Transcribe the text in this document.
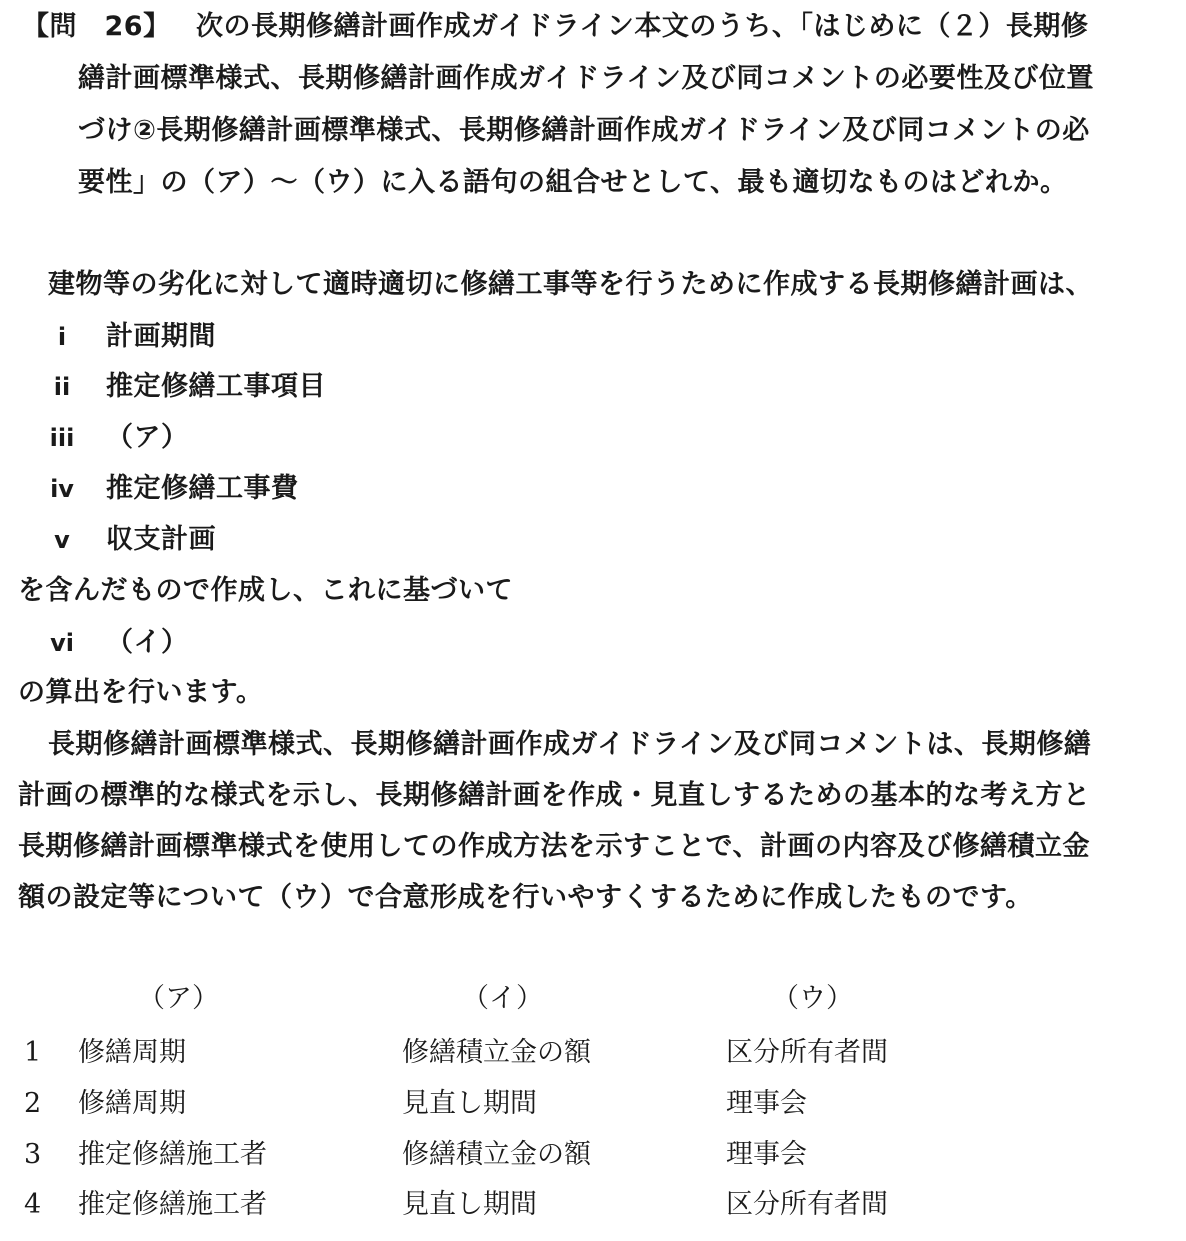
【問　26】 次の長期修繕計画作成ガイドライン本文のうち、「はじめに（２）長期修
繕計画標準様式、長期修繕計画作成ガイドライン及び同コメントの必要性及び位置
づけ②長期修繕計画標準様式、長期修繕計画作成ガイドライン及び同コメントの必
要性」の（ア）～（ウ）に入る語句の組合せとして、最も適切なものはどれか。
建物等の劣化に対して適時適切に修繕工事等を行うために作成する長期修繕計画は、
i	計画期間
ii	推定修繕工事項目
iii	（ア）
iv	推定修繕工事費
v	収支計画
を含んだもので作成し、これに基づいて
vi	（イ）
の算出を行います。
長期修繕計画標準様式、長期修繕計画作成ガイドライン及び同コメントは、長期修繕
計画の標準的な様式を示し、長期修繕計画を作成・見直しするための基本的な考え方と
長期修繕計画標準様式を使用しての作成方法を示すことで、計画の内容及び修繕積立金
額の設定等について（ウ）で合意形成を行いやすくするために作成したものです。
（ア）	（イ）	（ウ）
1 修繕周期	修繕積立金の額	区分所有者間
2 修繕周期	見直し期間	理事会
3 推定修繕施工者	修繕積立金の額	理事会
4 推定修繕施工者	見直し期間	区分所有者間
